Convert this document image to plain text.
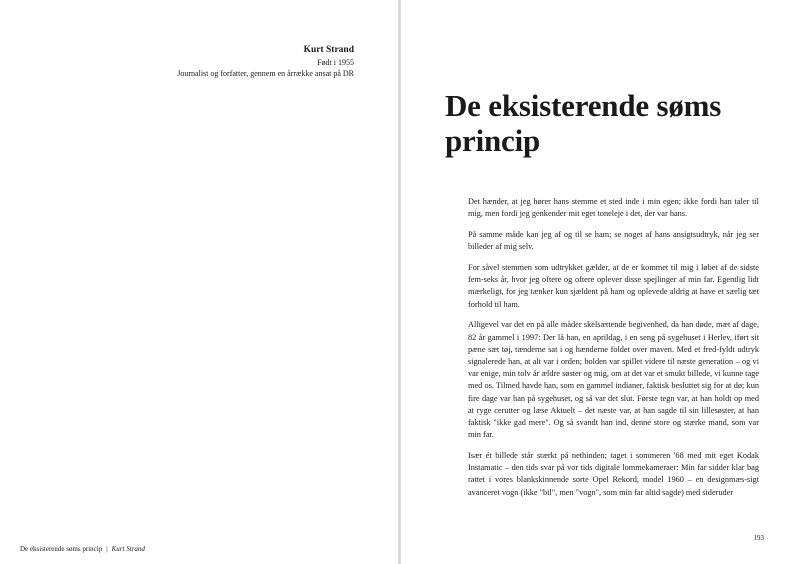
Kurt Strand
Født i 1955
Journalist og forfatter, gennem en årrække ansat på DR
De eksisterende søms princip | Kurt Strand
De eksisterende søms
princip

Det hænder, at jeg hører hans stemme et sted inde i min egen; ikke fordi han taler til mig, men fordi jeg genkender mit eget toneleje i det, der var hans.

På samme måde kan jeg af og til se ham; se noget af hans ansigtsudtryk, når jeg ser billeder af mig selv.

For såvel stemmen som udtrykket gælder, at de er kommet til mig i løbet af de sidste fem-seks år, hvor jeg oftere og oftere oplever disse spejlinger af min far. Egentlig lidt mærkeligt, for jeg tænker kun sjældent på ham og oplevede aldrig at have et særlig tæt forhold til ham.

Alligevel var det en på alle måder skelsættende begivenhed, da han døde, mæt af dage, 82 år gammel i 1997: Der lå han, en aprildag, i en seng på sygehuset i Herlev, iført sit pæne sæt tøj, tænderne sat i og hænderne foldet over maven. Med et fred-fyldt udtryk signalerede han, at alt var i orden; bolden var spillet videre til næste generation – og vi var enige, min tolv år ældre søster og mig, om at det var et smukt billede, vi kunne tage med os. Tilmed havde han, som en gammel indianer, faktisk besluttet sig for at dø; kun fire dage var han på sygehuset, og så var det slut. Første tegn var, at han holdt op med at ryge cerutter og læse Aktuelt – det næste var, at han sagde til sin lillesøster, at han faktisk "ikke gad mere". Og så svandt han ind, denne store og stærke mand, som var min far.

Især ét billede står stærkt på nethinden; taget i sommeren '68 med mit eget Kodak Instamatic – den tids svar på vor tids digitale lommekameraer: Min far sidder klar bag rattet i vores blankskinnende sorte Opel Rekord, model 1960 – en designmæs-sigt avanceret vogn (ikke "bil", men "vogn", som min far altid sagde) med sideruder

193
